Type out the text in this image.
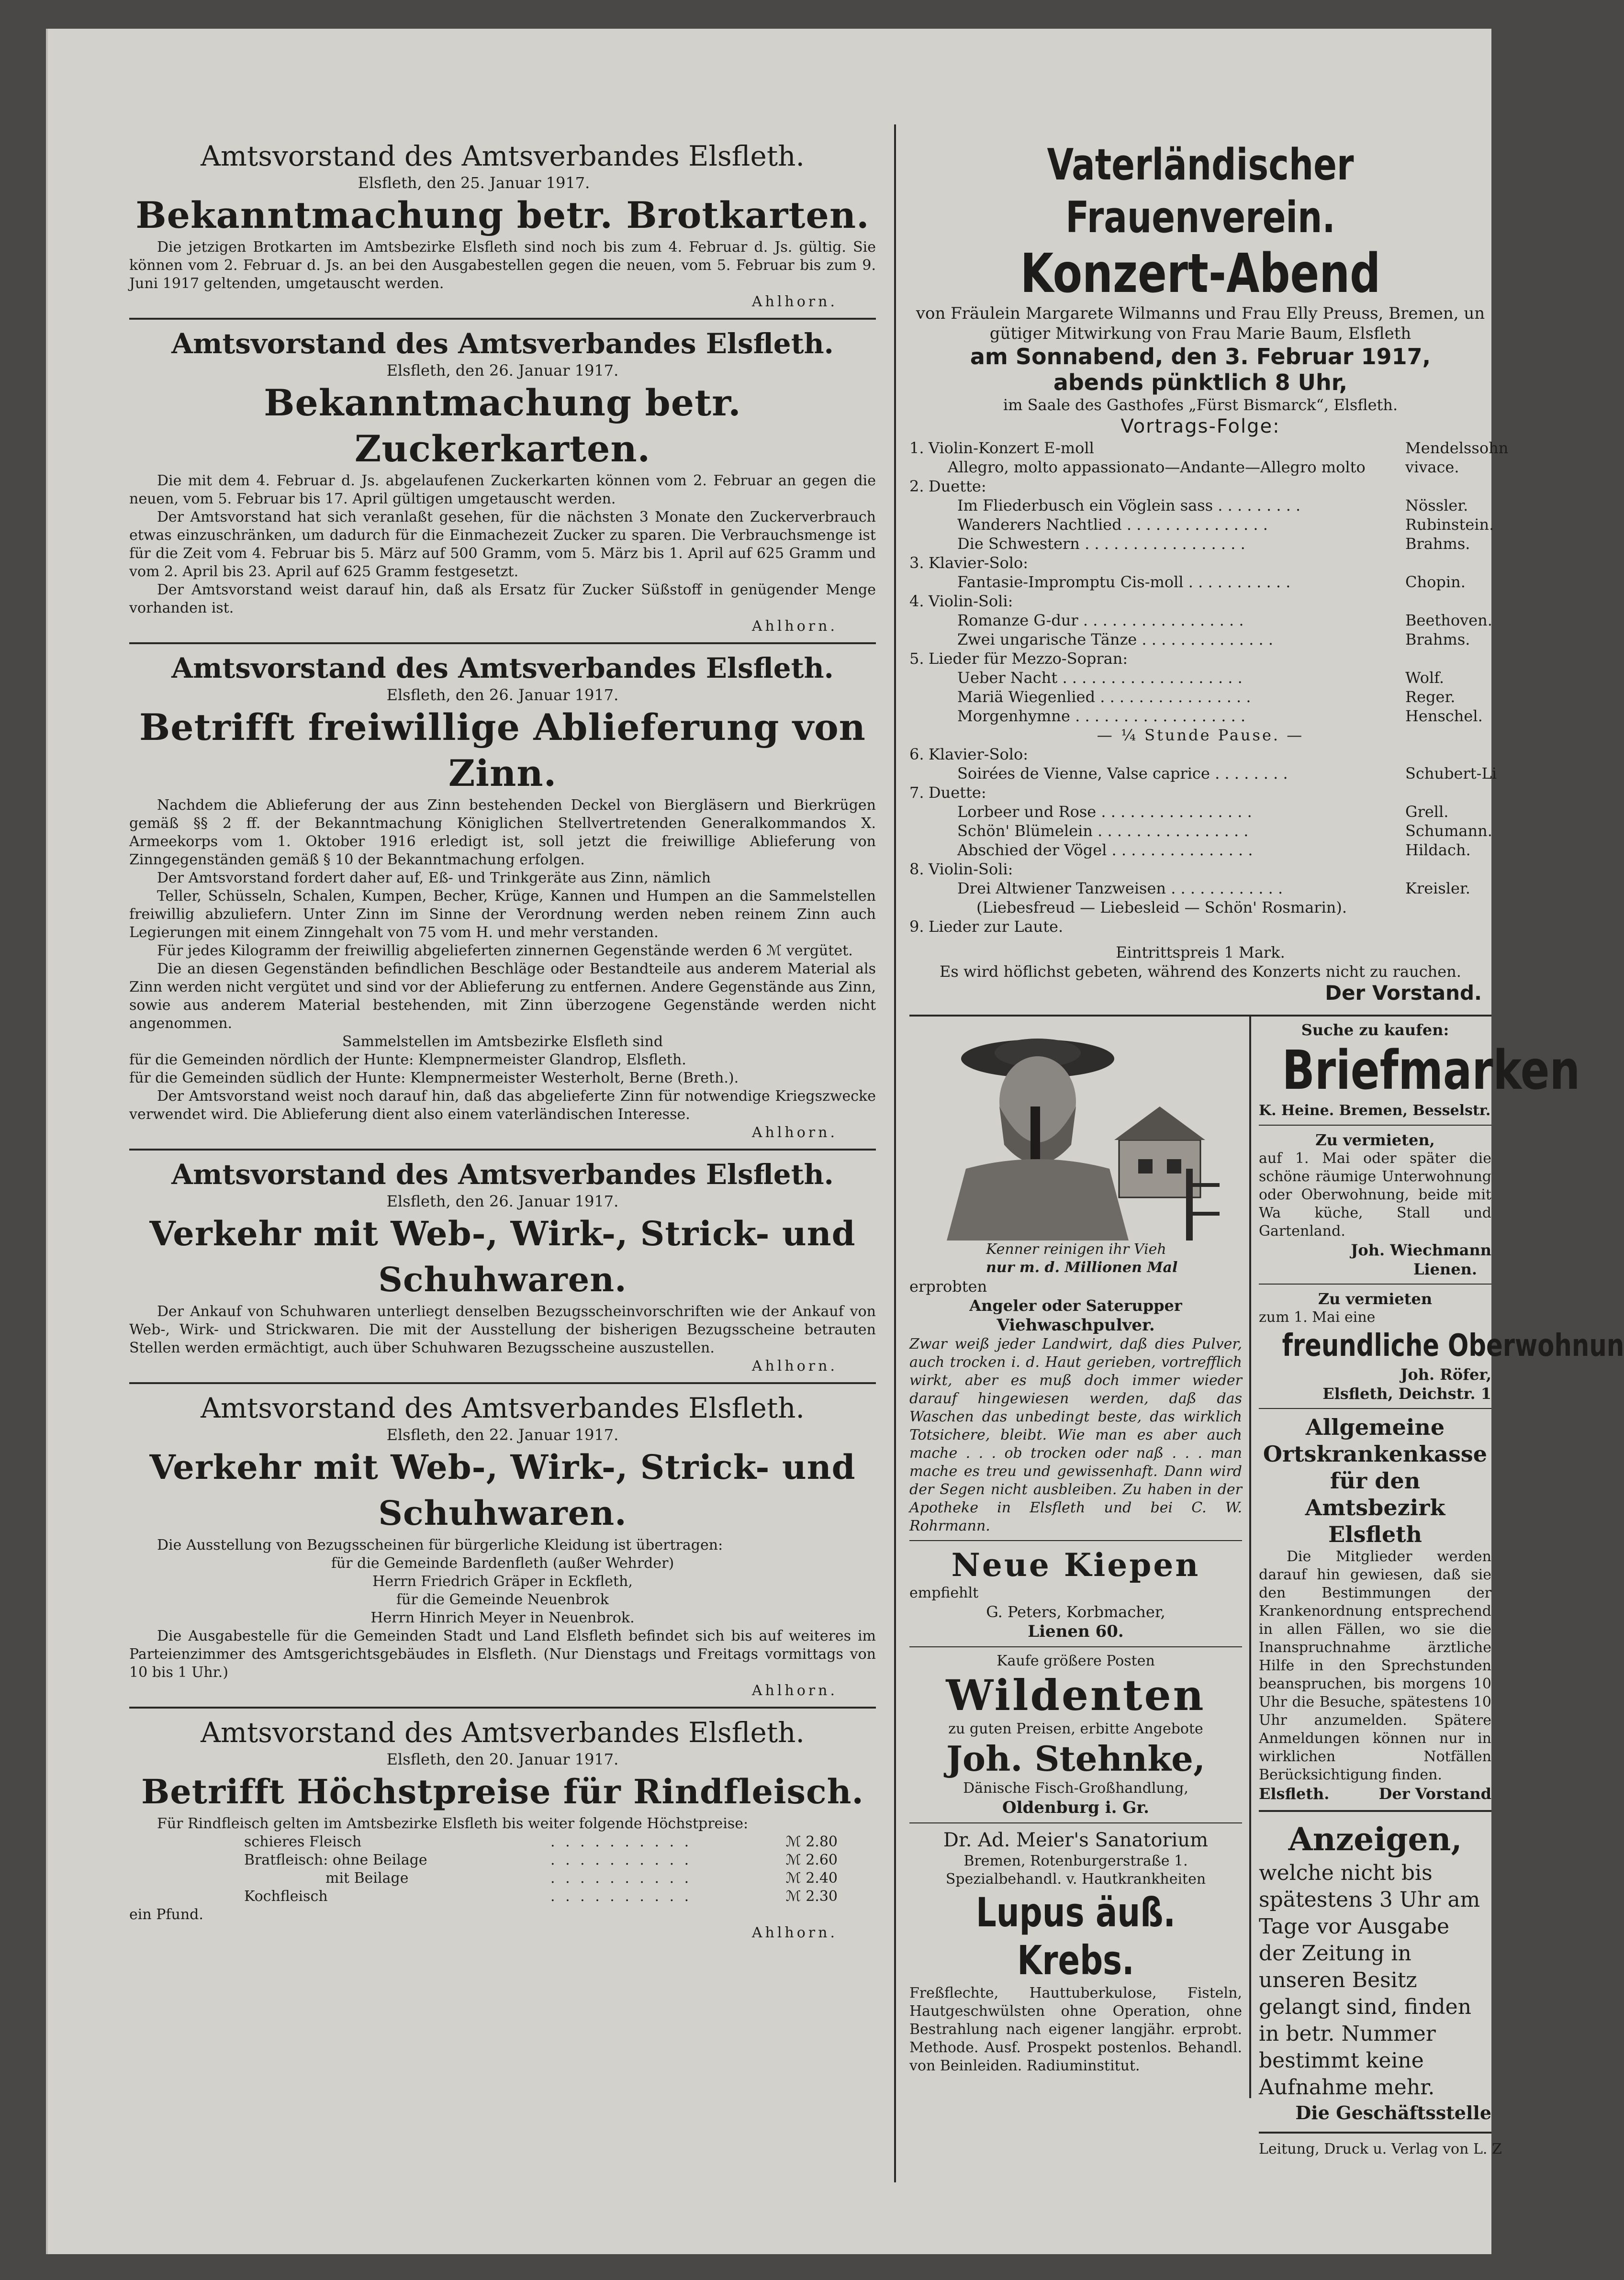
Amtsvorstand des Amtsverbandes Elsfleth.
Elsfleth, den 25. Januar 1917.
Bekanntmachung betr. Brotkarten.
Die jetzigen Brotkarten im Amtsbezirke Elsfleth sind noch bis zum 4. Februar d. Js. gültig. Sie können vom 2. Februar d. Js. an bei den Ausgabestellen gegen die neuen, vom 5. Februar bis zum 9. Juni 1917 geltenden, umgetauscht werden.
Ahlhorn.
Amtsvorstand des Amtsverbandes Elsfleth.
Elsfleth, den 26. Januar 1917.
Bekanntmachung betr. Zuckerkarten.

Die mit dem 4. Februar d. Js. abgelaufenen Zuckerkarten können vom 2. Februar an gegen die neuen, vom 5. Februar bis 17. April gültigen umgetauscht werden.

Der Amtsvorstand hat sich veranlaßt gesehen, für die nächsten 3 Monate den Zuckerverbrauch etwas einzuschränken, um dadurch für die Einmachezeit Zucker zu sparen. Die Verbrauchsmenge ist für die Zeit vom 4. Februar bis 5. März auf 500 Gramm, vom 5. März bis 1. April auf 625 Gramm und vom 2. April bis 23. April auf 625 Gramm festgesetzt.

Der Amtsvorstand weist darauf hin, daß als Ersatz für Zucker Süßstoff in genügender Menge vorhanden ist.

Ahlhorn.
Amtsvorstand des Amtsverbandes Elsfleth.
Elsfleth, den 26. Januar 1917.
Betrifft freiwillige Ablieferung von Zinn.

Nachdem die Ablieferung der aus Zinn bestehenden Deckel von Biergläsern und Bierkrügen gemäß §§ 2 ff. der Bekanntmachung Königlichen Stellvertretenden Generalkommandos X. Armeekorps vom 1. Oktober 1916 erledigt ist, soll jetzt die freiwillige Ablieferung von Zinngegenständen gemäß § 10 der Bekanntmachung erfolgen.

Der Amtsvorstand fordert daher auf, Eß- und Trinkgeräte aus Zinn, nämlich

Teller, Schüsseln, Schalen, Kumpen, Becher, Krüge, Kannen und Humpen an die Sammelstellen freiwillig abzuliefern. Unter Zinn im Sinne der Verordnung werden neben reinem Zinn auch Legierungen mit einem Zinngehalt von 75 vom H. und mehr verstanden.

Für jedes Kilogramm der freiwillig abgelieferten zinnernen Gegenstände werden 6 ℳ vergütet.

Die an diesen Gegenständen befindlichen Beschläge oder Bestandteile aus anderem Material als Zinn werden nicht vergütet und sind vor der Ablieferung zu entfernen. Andere Gegenstände aus Zinn, sowie aus anderem Material bestehenden, mit Zinn überzogene Gegenstände werden nicht angenommen.

Sammelstellen im Amtsbezirke Elsfleth sind

für die Gemeinden nördlich der Hunte: Klempnermeister Glandrop, Elsfleth.

für die Gemeinden südlich der Hunte: Klempnermeister Westerholt, Berne (Breth.).

Der Amtsvorstand weist noch darauf hin, daß das abgelieferte Zinn für notwendige Kriegszwecke verwendet wird. Die Ablieferung dient also einem vaterländischen Interesse.

Ahlhorn.
Amtsvorstand des Amtsverbandes Elsfleth.
Elsfleth, den 26. Januar 1917.
Verkehr mit Web-, Wirk-, Strick- und Schuhwaren.
Der Ankauf von Schuhwaren unterliegt denselben Bezugsscheinvorschriften wie der Ankauf von Web-, Wirk- und Strickwaren. Die mit der Ausstellung der bisherigen Bezugsscheine betrauten Stellen werden ermächtigt, auch über Schuhwaren Bezugsscheine auszustellen.
Ahlhorn.
Amtsvorstand des Amtsverbandes Elsfleth.
Elsfleth, den 22. Januar 1917.
Verkehr mit Web-, Wirk-, Strick- und Schuhwaren.

Die Ausstellung von Bezugsscheinen für bürgerliche Kleidung ist übertragen:

für die Gemeinde Bardenfleth (außer Wehrder)

Herrn Friedrich Gräper in Eckfleth,

für die Gemeinde Neuenbrok

Herrn Hinrich Meyer in Neuenbrok.

Die Ausgabestelle für die Gemeinden Stadt und Land Elsfleth befindet sich bis auf weiteres im Parteienzimmer des Amtsgerichtsgebäudes in Elsfleth. (Nur Dienstags und Freitags vormittags von 10 bis 1 Uhr.)

Ahlhorn.
Amtsvorstand des Amtsverbandes Elsfleth.
Elsfleth, den 20. Januar 1917.
Betrifft Höchstpreise für Rindfleisch.
Für Rindfleisch gelten im Amtsbezirke Elsfleth bis weiter folgende Höchstpreise:
schieres Fleisch	. . . . . . . . . .	ℳ 2.80
Bratfleisch: ohne Beilage	. . . . . . . . . .	ℳ 2.60
mit Beilage	. . . . . . . . . .	ℳ 2.40
Kochfleisch	. . . . . . . . . .	ℳ 2.30
ein Pfund.
Ahlhorn.
Vaterländischer Frauenverein.
Konzert-Abend
von Fräulein Margarete Wilmanns und Frau Elly Preuss, Bremen, un
gütiger Mitwirkung von Frau Marie Baum, Elsfleth
am Sonnabend, den 3. Februar 1917,
abends pünktlich 8 Uhr,
im Saale des Gasthofes „Fürst Bismarck“, Elsfleth.
Vortrags-Folge:
1. Violin-Konzert E-moll	Mendelssohn
Allegro, molto appassionato—Andante—Allegro molto	vivace.
2. Duette:
Im Fliederbusch ein Vöglein sass . . . . . . . . .	Nössler.
Wanderers Nachtlied . . . . . . . . . . . . . . .	Rubinstein.
Die Schwestern . . . . . . . . . . . . . . . . .	Brahms.
3. Klavier-Solo:
Fantasie-Impromptu Cis-moll . . . . . . . . . . .	Chopin.
4. Violin-Soli:
Romanze G-dur . . . . . . . . . . . . . . . . .	Beethoven.
Zwei ungarische Tänze . . . . . . . . . . . . . .	Brahms.
5. Lieder für Mezzo-Sopran:
Ueber Nacht . . . . . . . . . . . . . . . . . . .	Wolf.
Mariä Wiegenlied . . . . . . . . . . . . . . . .	Reger.
Morgenhymne . . . . . . . . . . . . . . . . . .	Henschel.
— ¼ Stunde Pause. —
6. Klavier-Solo:
Soirées de Vienne, Valse caprice . . . . . . . .	Schubert-Li
7. Duette:
Lorbeer und Rose . . . . . . . . . . . . . . . .	Grell.
Schön' Blümelein . . . . . . . . . . . . . . . .	Schumann.
Abschied der Vögel . . . . . . . . . . . . . . .	Hildach.
8. Violin-Soli:
Drei Altwiener Tanzweisen . . . . . . . . . . . .	Kreisler.
(Liebesfreud — Liebesleid — Schön' Rosmarin).
9. Lieder zur Laute.
Eintrittspreis 1 Mark.
Es wird höflichst gebeten, während des Konzerts nicht zu rauchen.
Der Vorstand.
Kenner reinigen ihr Vieh
nur m. d. Millionen Mal
erprobten
Angeler oder Saterupper
Viehwaschpulver.
Zwar weiß jeder Landwirt, daß dies Pulver, auch trocken i. d. Haut gerieben, vortrefflich wirkt, aber es muß doch immer wieder darauf hingewiesen werden, daß das Waschen das unbedingt beste, das wirklich Totsichere, bleibt. Wie man es aber auch mache . . . ob trocken oder naß . . . man mache es treu und gewissenhaft. Dann wird der Segen nicht ausbleiben. Zu haben in der Apotheke in Elsfleth und bei C. W. Rohrmann.
Neue Kiepen
empfiehlt
G. Peters, Korbmacher,
Lienen 60.
Kaufe größere Posten
Wildenten
zu guten Preisen, erbitte Angebote
Joh. Stehnke,
Dänische Fisch-Großhandlung,
Oldenburg i. Gr.
Dr. Ad. Meier's Sanatorium
Bremen, Rotenburgerstraße 1.
Spezialbehandl. v. Hautkrankheiten
Lupus äuß. Krebs.
Freßflechte, Hauttuberkulose, Fisteln, Hautgeschwülsten ohne Operation, ohne Bestrahlung nach eigener langjähr. erprobt. Methode. Ausf. Prospekt postenlos. Behandl. von Beinleiden. Radiuminstitut.
Suche zu kaufen:
Briefmarken
K. Heine. Bremen, Besselstr.
Zu vermieten,
auf 1. Mai oder später die schöne räumige Unterwohnung oder Oberwohnung, beide mit Wa küche, Stall und Gartenland.
Joh. Wiechmann
Lienen.
Zu vermieten
zum 1. Mai eine
freundliche Oberwohnun
Joh. Röfer,
Elsfleth, Deichstr. 1
Allgemeine Ortskrankenkasse für den Amtsbezirk Elsfleth
Die Mitglieder werden darauf hin gewiesen, daß sie den Bestimmungen der Krankenordnung entsprechend in allen Fällen, wo sie die Inanspruchnahme ärztliche Hilfe in den Sprechstunden beanspruchen, bis morgens 10 Uhr die Besuche, spätestens 10 Uhr anzumelden. Spätere Anmeldungen können nur in wirklichen Notfällen Berücksichtigung finden.
Elsfleth.	Der Vorstand
Anzeigen,
welche nicht bis spätestens 3 Uhr am Tage vor Ausgabe der Zeitung in unseren Besitz gelangt sind, finden in betr. Nummer bestimmt keine Aufnahme mehr.
Die Geschäftsstelle
Leitung, Druck u. Verlag von L. Z
